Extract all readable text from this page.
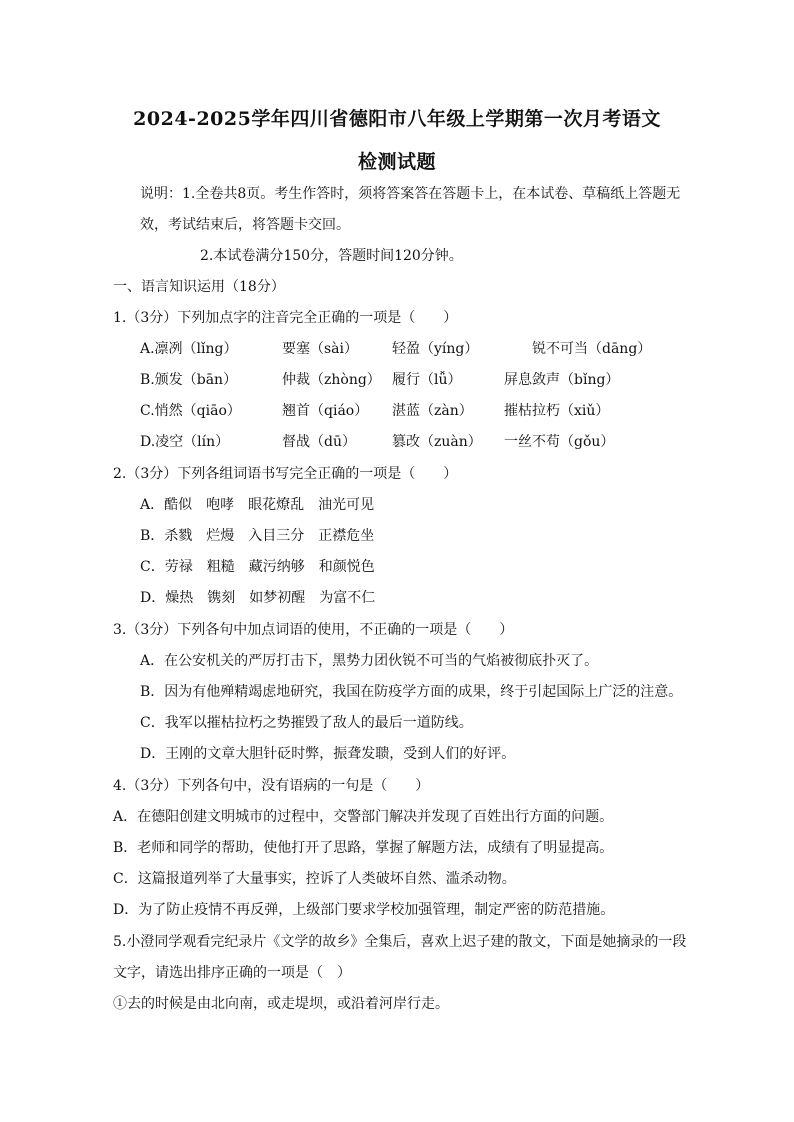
2024-2025学年四川省德阳市八年级上学期第一次月考语文
检测试题
说明：1.全卷共8页。考生作答时，须将答案答在答题卡上，在本试卷、草稿纸上答题无
效，考试结束后，将答题卡交回。
2.本试卷满分150分，答题时间120分钟。
一、语言知识运用（18分）
1.（3分）下列加点字的注音完全正确的一项是（　　）
A.凛冽（lǐng）	要塞（sài） 轻盈（yíng）	锐不可当（dāng）
B.颁发（bān）	仲裁（zhòng） 履行（lǚ）	屏息敛声（bǐng）
C.悄然（qiāo）	翘首（qiáo） 湛蓝（zàn） 摧枯拉朽（xiǔ）
D.凌空（lín）	督战（dū）	篡改（zuàn） 一丝不苟（gǒu）
2.（3分）下列各组词语书写完全正确的一项是（　　）
A．酷似　咆哮　眼花燎乱　油光可见
B．杀戮　烂熳　入目三分　正襟危坐
C．劳禄　粗糙　藏污纳够　和颜悦色
D．燥热　镌刻　如梦初醒　为富不仁
3.（3分）下列各句中加点词语的使用，不正确的一项是（　　）
A．在公安机关的严厉打击下，黑势力团伙锐不可当的气焰被彻底扑灭了。
B．因为有他殚精竭虑地研究，我国在防疫学方面的成果，终于引起国际上广泛的注意。
C．我军以摧枯拉朽之势摧毁了敌人的最后一道防线。
D．王刚的文章大胆针砭时弊，振聋发聩，受到人们的好评。
4.（3分）下列各句中，没有语病的一句是（　　）
A．在德阳创建文明城市的过程中，交警部门解决并发现了百姓出行方面的问题。
B．老师和同学的帮助，使他打开了思路，掌握了解题方法，成绩有了明显提高。
C．这篇报道列举了大量事实，控诉了人类破坏自然、滥杀动物。
D．为了防止疫情不再反弹，上级部门要求学校加强管理，制定严密的防范措施。
5.小澄同学观看完纪录片《文学的故乡》全集后，喜欢上迟子建的散文，下面是她摘录的一段
文字，请选出排序正确的一项是（　）
①去的时候是由北向南，或走堤坝，或沿着河岸行走。
